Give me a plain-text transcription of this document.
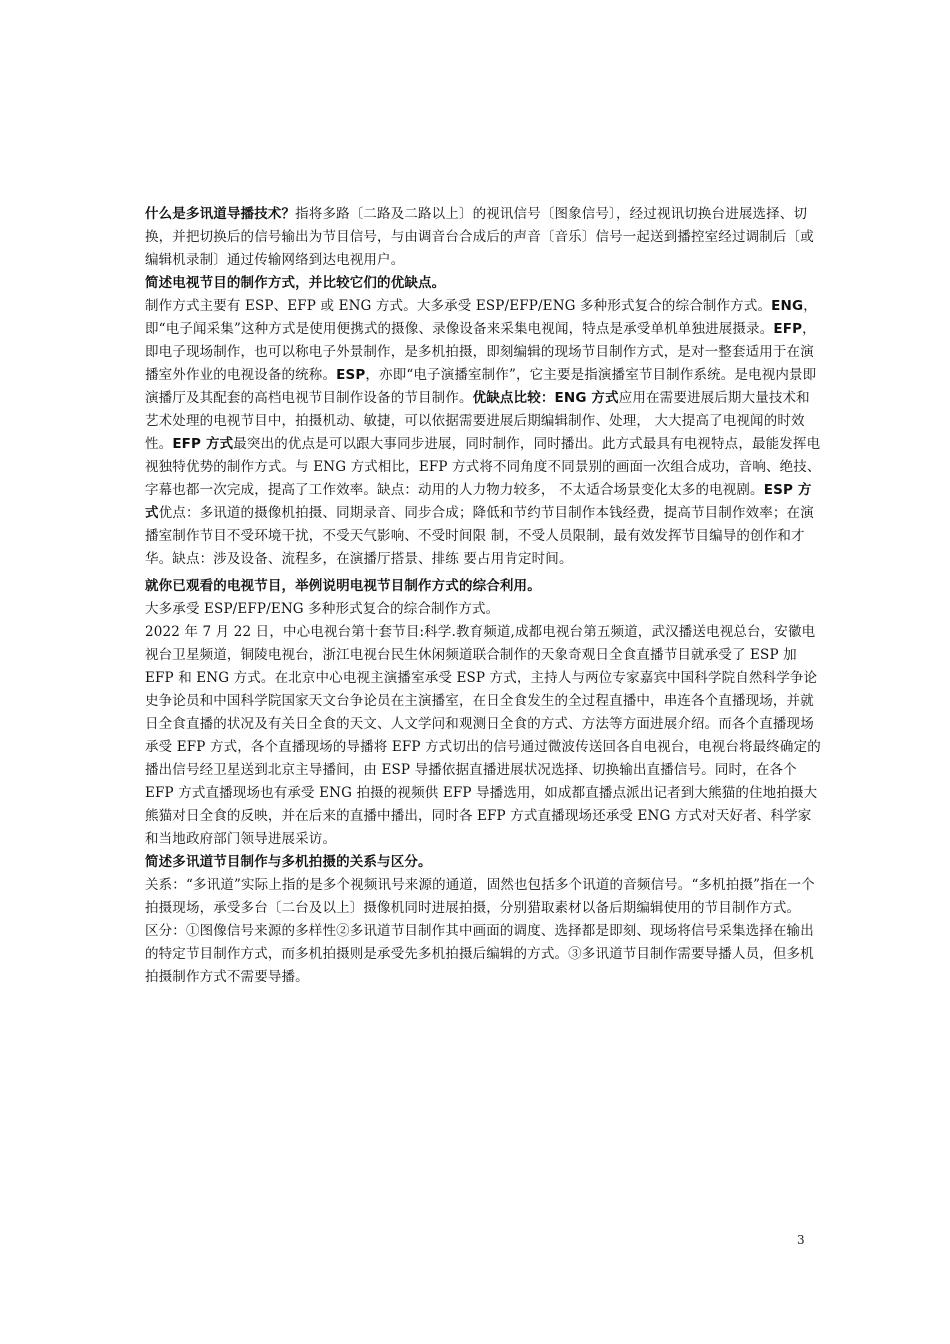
什么是多讯道导播技术？指将多路〔二路及二路以上〕的视讯信号〔图象信号〕，经过视讯切换台进展选择、切换，并把切换后的信号输出为节目信号，与由调音台合成后的声音〔音乐〕信号一起送到播控室经过调制后〔或编辑机录制〕通过传输网络到达电视用户。

简述电视节目的制作方式，并比较它们的优缺点。

制作方式主要有 ESP、EFP 或 ENG 方式。大多承受 ESP/EFP/ENG 多种形式复合的综合制作方式。ENG，即“电子闻采集”这种方式是使用便携式的摄像、录像设备来采集电视闻，特点是承受单机单独进展摄录。EFP，即电子现场制作，也可以称电子外景制作，是多机拍摄，即刻编辑的现场节目制作方式，是对一整套适用于在演播室外作业的电视设备的统称。ESP，亦即“电子演播室制作”，它主要是指演播室节目制作系统。是电视内景即演播厅及其配套的高档电视节目制作设备的节目制作。优缺点比较：ENG 方式应用在需要进展后期大量技术和艺术处理的电视节目中，拍摄机动、敏捷，可以依据需要进展后期编辑制作、处理， 大大提高了电视闻的时效性。EFP 方式最突出的优点是可以跟大事同步进展，同时制作，同时播出。此方式最具有电视特点，最能发挥电视独特优势的制作方式。与 ENG 方式相比，EFP 方式将不同角度不同景别的画面一次组合成功，音响、绝技、字幕也都一次完成，提高了工作效率。缺点：动用的人力物力较多， 不太适合场景变化太多的电视剧。ESP 方式优点：多讯道的摄像机拍摄、同期录音、同步合成；降低和节约节目制作本钱经费，提高节目制作效率；在演播室制作节目不受环境干扰，不受天气影响、不受时间限 制，不受人员限制，最有效发挥节目编导的创作和才华。缺点：涉及设备、流程多，在演播厅搭景、排练 要占用肯定时间。

就你已观看的电视节目，举例说明电视节目制作方式的综合利用。

大多承受 ESP/EFP/ENG 多种形式复合的综合制作方式。

2022 年 7 月 22 日，中心电视台第十套节目:科学.教育频道,成都电视台第五频道，武汉播送电视总台，安徽电视台卫星频道，铜陵电视台，浙江电视台民生休闲频道联合制作的天象奇观日全食直播节目就承受了 ESP 加 EFP 和 ENG 方式。在北京中心电视主演播室承受 ESP 方式，主持人与两位专家嘉宾中国科学院自然科学争论史争论员和中国科学院国家天文台争论员在主演播室，在日全食发生的全过程直播中，串连各个直播现场，并就日全食直播的状况及有关日全食的天文、人文学问和观测日全食的方式、方法等方面进展介绍。而各个直播现场承受 EFP 方式，各个直播现场的导播将 EFP 方式切出的信号通过微波传送回各自电视台，电视台将最终确定的播出信号经卫星送到北京主导播间，由 ESP 导播依据直播进展状况选择、切换输出直播信号。同时，在各个 EFP 方式直播现场也有承受 ENG 拍摄的视频供 EFP 导播选用，如成都直播点派出记者到大熊猫的住地拍摄大熊猫对日全食的反映，并在后来的直播中播出，同时各 EFP 方式直播现场还承受 ENG 方式对天好者、科学家和当地政府部门领导进展采访。

简述多讯道节目制作与多机拍摄的关系与区分。

关系：“多讯道”实际上指的是多个视频讯号来源的通道，固然也包括多个讯道的音频信号。“多机拍摄”指在一个拍摄现场，承受多台〔二台及以上〕摄像机同时进展拍摄，分别猎取素材以备后期编辑使用的节目制作方式。

区分：①图像信号来源的多样性②多讯道节目制作其中画面的调度、选择都是即刻、现场将信号采集选择在输出的特定节目制作方式，而多机拍摄则是承受先多机拍摄后编辑的方式。③多讯道节目制作需要导播人员，但多机拍摄制作方式不需要导播。

3
